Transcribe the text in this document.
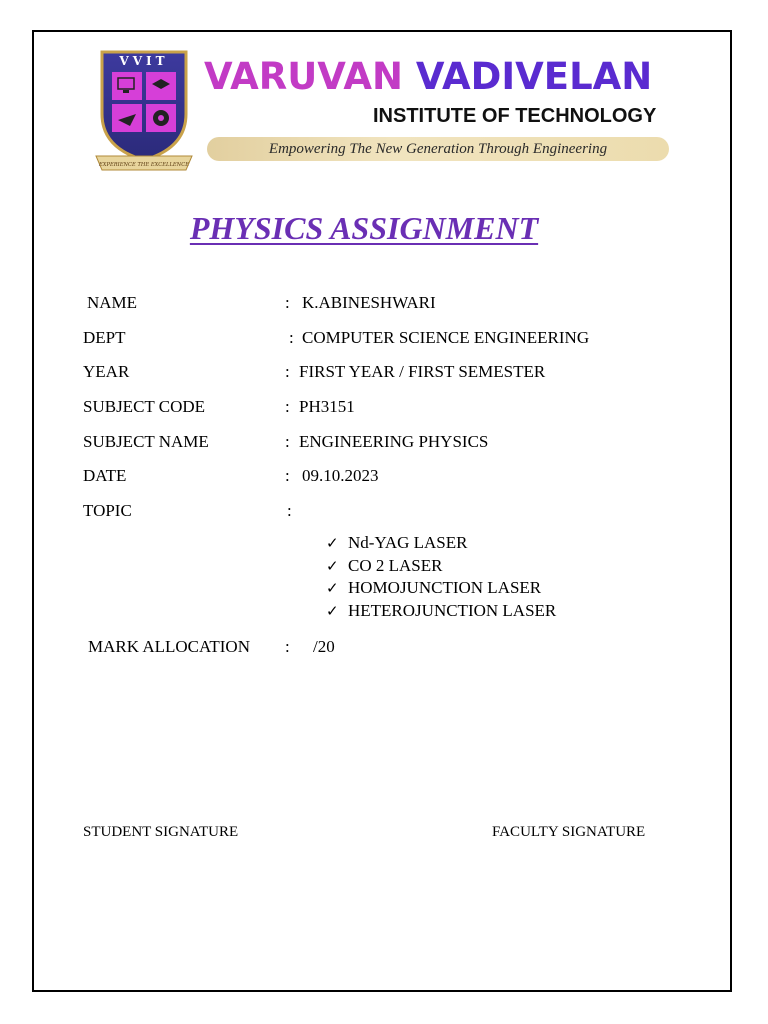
VVIT
EXPERIENCE THE EXCELLENCE
VARUVAN VADIVELAN
INSTITUTE OF TECHNOLOGY
Empowering The New Generation Through Engineering
PHYSICS ASSIGNMENT
NAME	: K.ABINESHWARI
DEPT	: COMPUTER SCIENCE ENGINEERING
YEAR	: FIRST YEAR / FIRST SEMESTER
SUBJECT CODE	: PH3151
SUBJECT NAME	: ENGINEERING PHYSICS
DATE	: 09.10.2023
TOPIC	:
MARK ALLOCATION : /20
✓ Nd-YAG LASER
✓ CO 2 LASER
✓ HOMOJUNCTION LASER
✓ HETEROJUNCTION LASER
STUDENT SIGNATURE	FACULTY SIGNATURE
